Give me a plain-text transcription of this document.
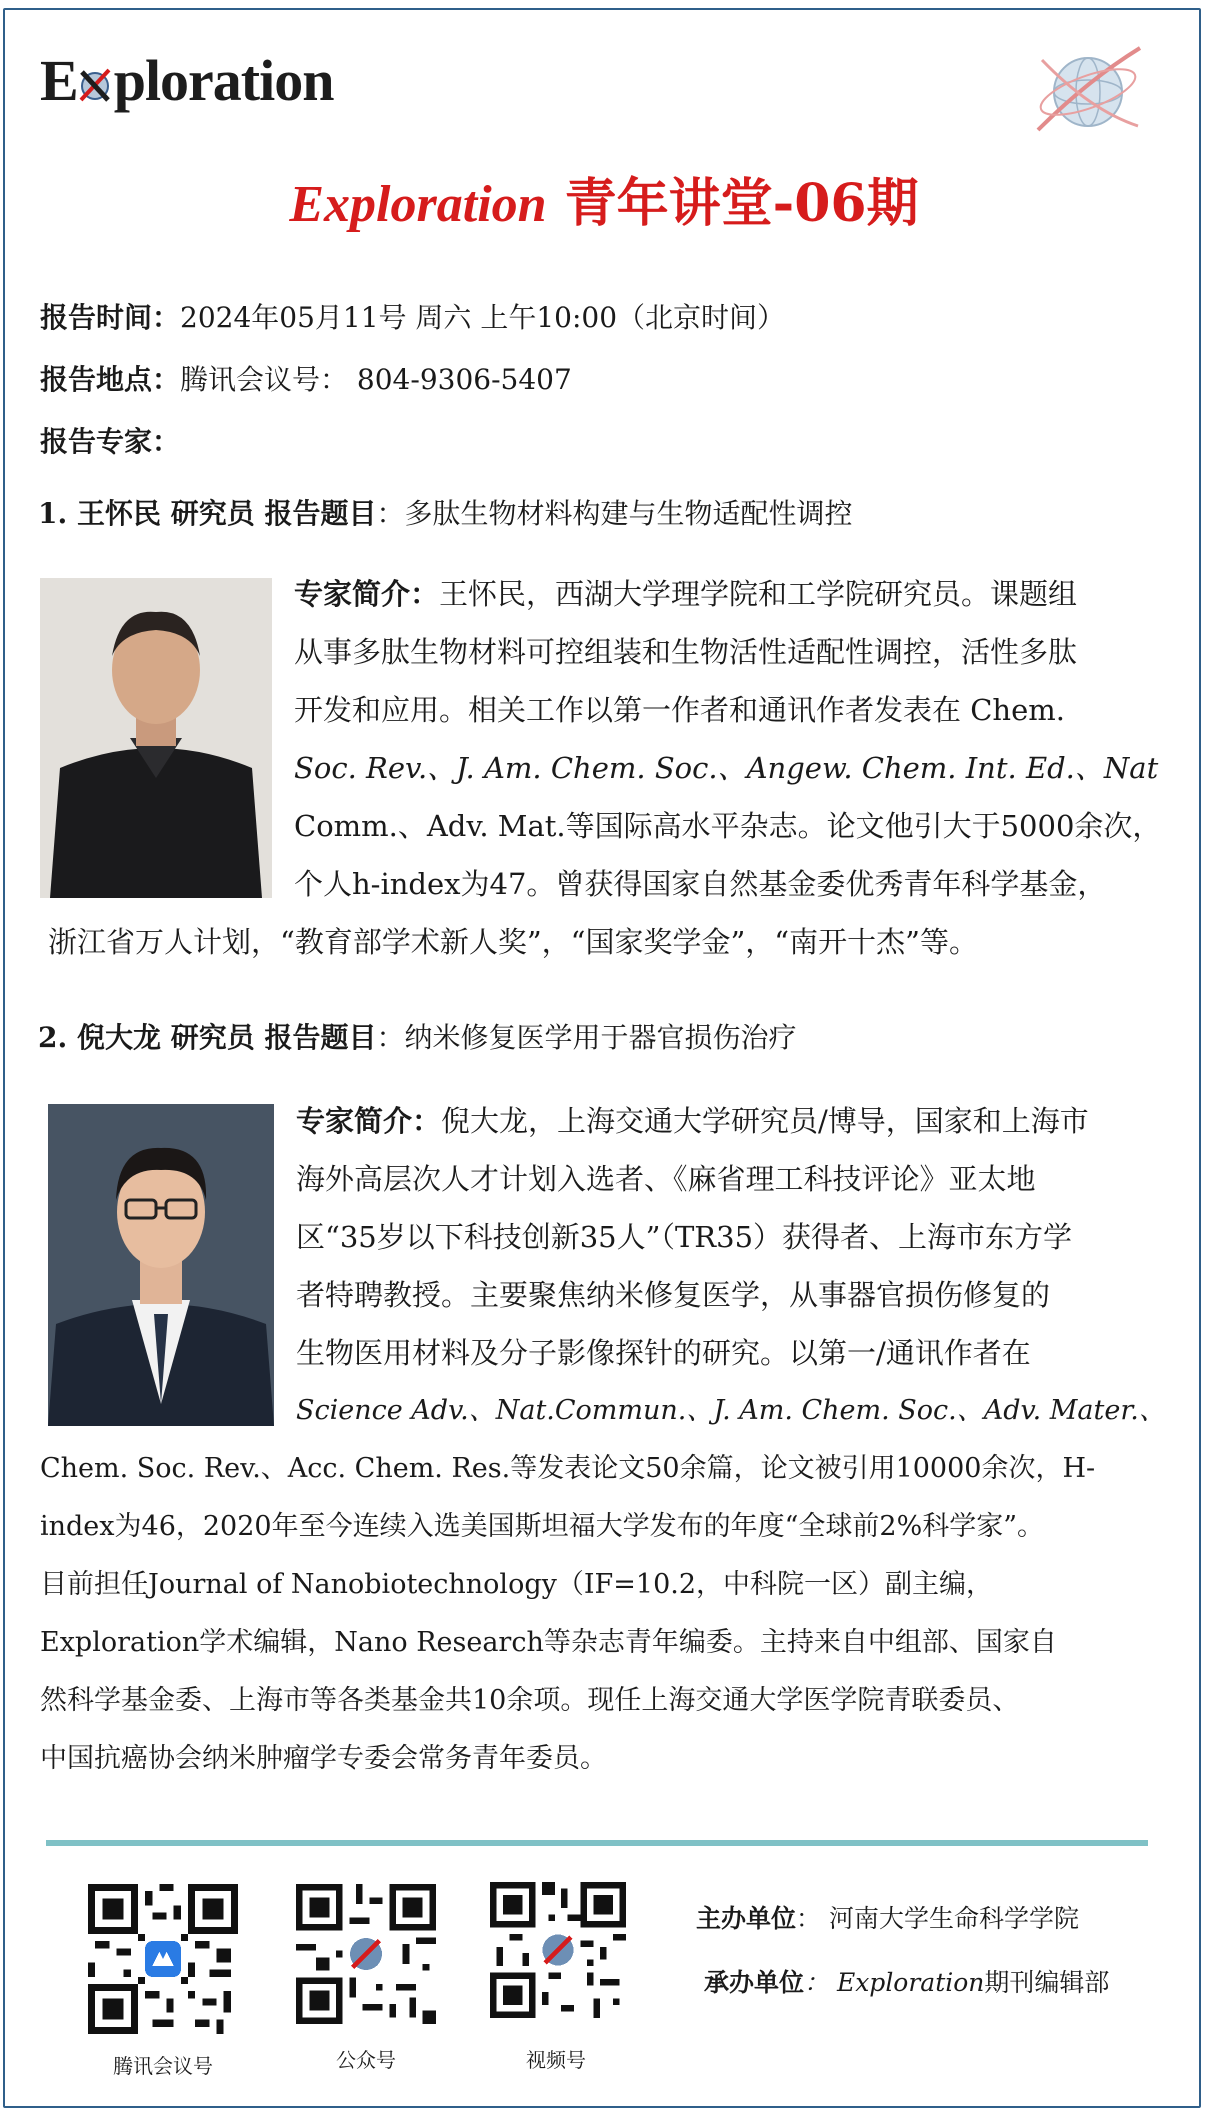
E ploration
Exploration 青年讲堂-06期
报告时间：2024年05月11号 周六 上午10:00（北京时间）
报告地点：腾讯会议号： 804-9306-5407
报告专家：
1. 王怀民 研究员 报告题目：多肽生物材料构建与生物适配性调控
专家简介：王怀民，西湖大学理学院和工学院研究员。课题组
从事多肽生物材料可控组装和生物活性适配性调控，活性多肽
开发和应用。相关工作以第一作者和通讯作者发表在 Chem.
Soc. Rev.、J. Am. Chem. Soc.、Angew. Chem. Int. Ed.、Nat
Comm.、Adv. Mat.等国际高水平杂志。论文他引大于5000余次，
个人h-index为47。曾获得国家自然基金委优秀青年科学基金，
浙江省万人计划，“教育部学术新人奖”，“国家奖学金”，“南开十杰”等。
2. 倪大龙 研究员 报告题目：纳米修复医学用于器官损伤治疗
专家简介：倪大龙，上海交通大学研究员/博导，国家和上海市
海外高层次人才计划入选者、《麻省理工科技评论》亚太地
区“35岁以下科技创新35人”（TR35）获得者、上海市东方学
者特聘教授。主要聚焦纳米修复医学，从事器官损伤修复的
生物医用材料及分子影像探针的研究。以第一/通讯作者在
Science Adv.、Nat.Commun.、J. Am. Chem. Soc.、Adv. Mater.、
Chem. Soc. Rev.、Acc. Chem. Res.等发表论文50余篇，论文被引用10000余次，H-
index为46，2020年至今连续入选美国斯坦福大学发布的年度“全球前2%科学家”。
目前担任Journal of Nanobiotechnology（IF=10.2，中科院一区）副主编，
Exploration学术编辑，Nano Research等杂志青年编委。主持来自中组部、国家自
然科学基金委、上海市等各类基金共10余项。现任上海交通大学医学院青联委员、
中国抗癌协会纳米肿瘤学专委会常务青年委员。
腾讯会议号	公众号	视频号
主办单位： 河南大学生命科学学院
承办单位： Exploration期刊编辑部
